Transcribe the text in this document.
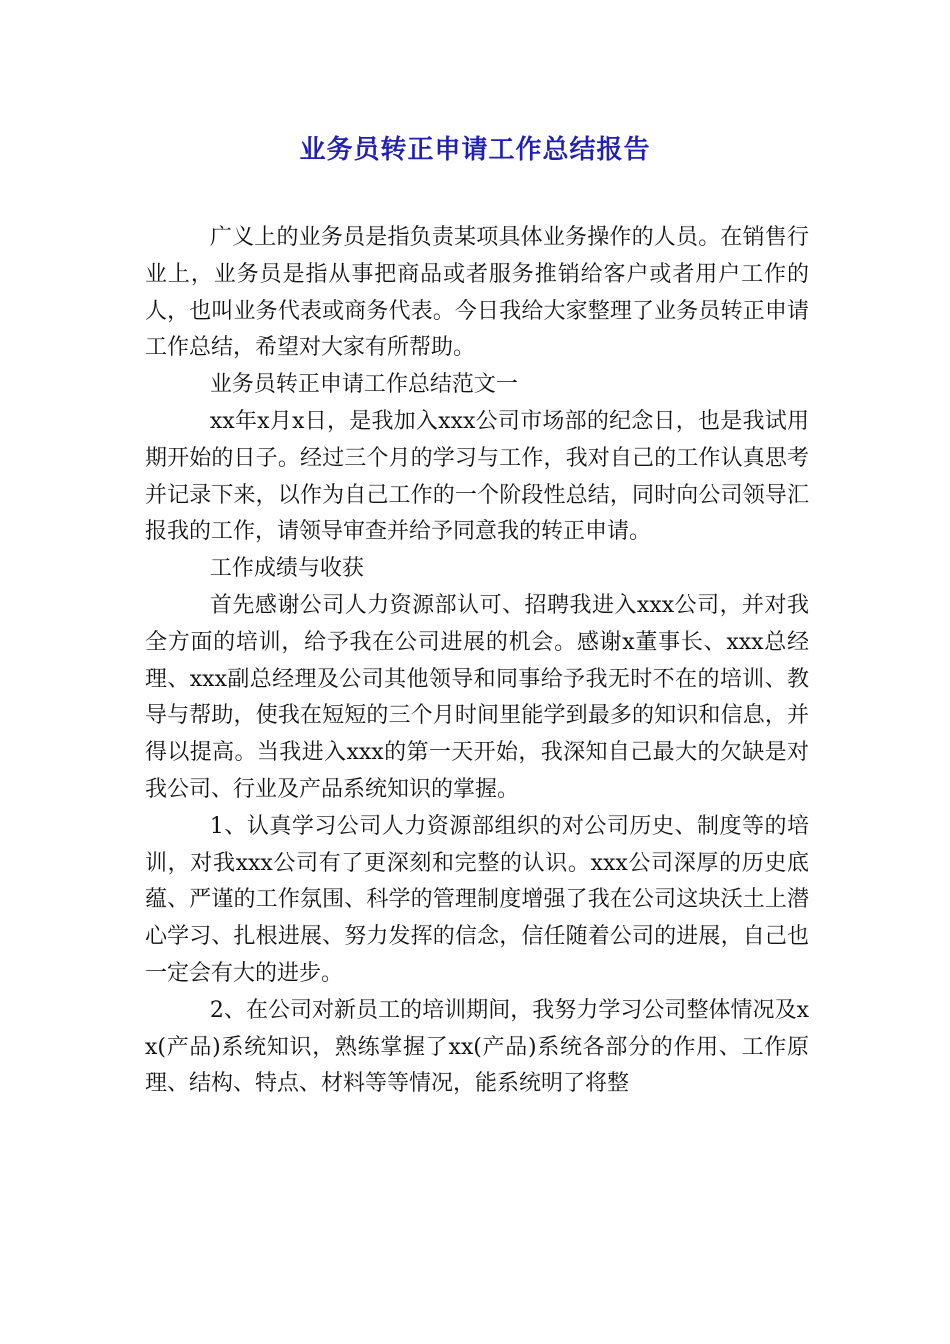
业务员转正申请工作总结报告

广义上的业务员是指负责某项具体业务操作的人员。在销售行业上，业务员是指从事把商品或者服务推销给客户或者用户工作的人，也叫业务代表或商务代表。今日我给大家整理了业务员转正申请工作总结，希望对大家有所帮助。

业务员转正申请工作总结范文一

xx年x月x日，是我加入xxx公司市场部的纪念日，也是我试用期开始的日子。经过三个月的学习与工作，我对自己的工作认真思考并记录下来，以作为自己工作的一个阶段性总结，同时向公司领导汇报我的工作，请领导审查并给予同意我的转正申请。

工作成绩与收获

首先感谢公司人力资源部认可、招聘我进入xxx公司，并对我全方面的培训，给予我在公司进展的机会。感谢x董事长、xxx总经理、xxx副总经理及公司其他领导和同事给予我无时不在的培训、教导与帮助，使我在短短的三个月时间里能学到最多的知识和信息，并得以提高。当我进入xxx的第一天开始，我深知自己最大的欠缺是对我公司、行业及产品系统知识的掌握。

1、认真学习公司人力资源部组织的对公司历史、制度等的培训，对我xxx公司有了更深刻和完整的认识。xxx公司深厚的历史底蕴、严谨的工作氛围、科学的管理制度增强了我在公司这块沃土上潜心学习、扎根进展、努力发挥的信念，信任随着公司的进展，自己也一定会有大的进步。

2、在公司对新员工的培训期间，我努力学习公司整体情况及xx(产品)系统知识，熟练掌握了xx(产品)系统各部分的作用、工作原理、结构、特点、材料等等情况，能系统明了将整
